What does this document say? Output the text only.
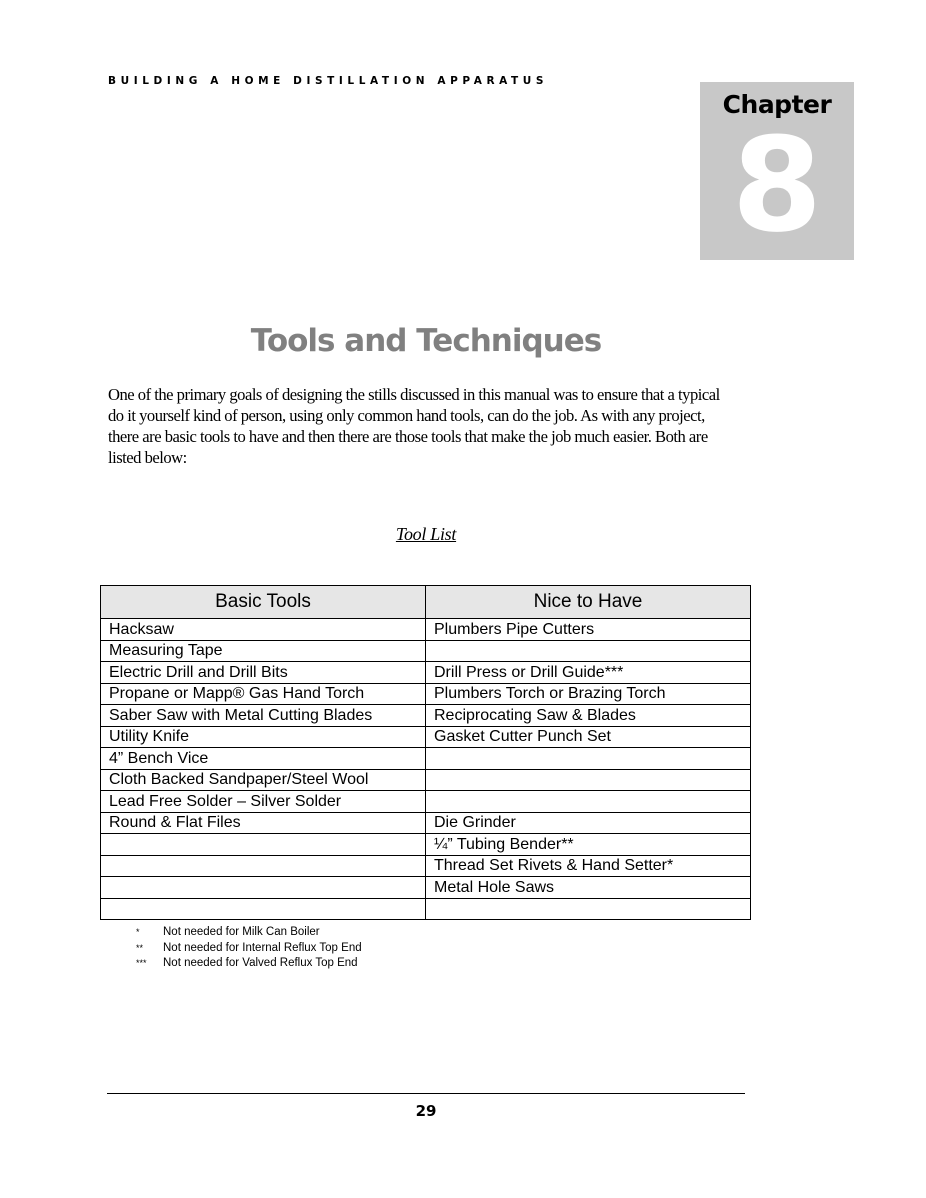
BUILDING A HOME DISTILLATION APPARATUS
Chapter
8
Tools and Techniques
One of the primary goals of designing the stills discussed in this manual was to ensure that a typical do it yourself kind of person, using only common hand tools, can do the job. As with any project, there are basic tools to have and then there are those tools that make the job much easier. Both are listed below:
Tool List
Basic Tools	Nice to Have
Hacksaw	Plumbers Pipe Cutters
Measuring Tape	
Electric Drill and Drill Bits	Drill Press or Drill Guide***
Propane or Mapp® Gas Hand Torch	Plumbers Torch or Brazing Torch
Saber Saw with Metal Cutting Blades	Reciprocating Saw & Blades
Utility Knife	Gasket Cutter Punch Set
4” Bench Vice	
Cloth Backed Sandpaper/Steel Wool	
Lead Free Solder – Silver Solder	
Round & Flat Files	Die Grinder
	¼” Tubing Bender**
	Thread Set Rivets & Hand Setter*
	Metal Hole Saws

*	Not needed for Milk Can Boiler
**	Not needed for Internal Reflux Top End
***	Not needed for Valved Reflux Top End
29
